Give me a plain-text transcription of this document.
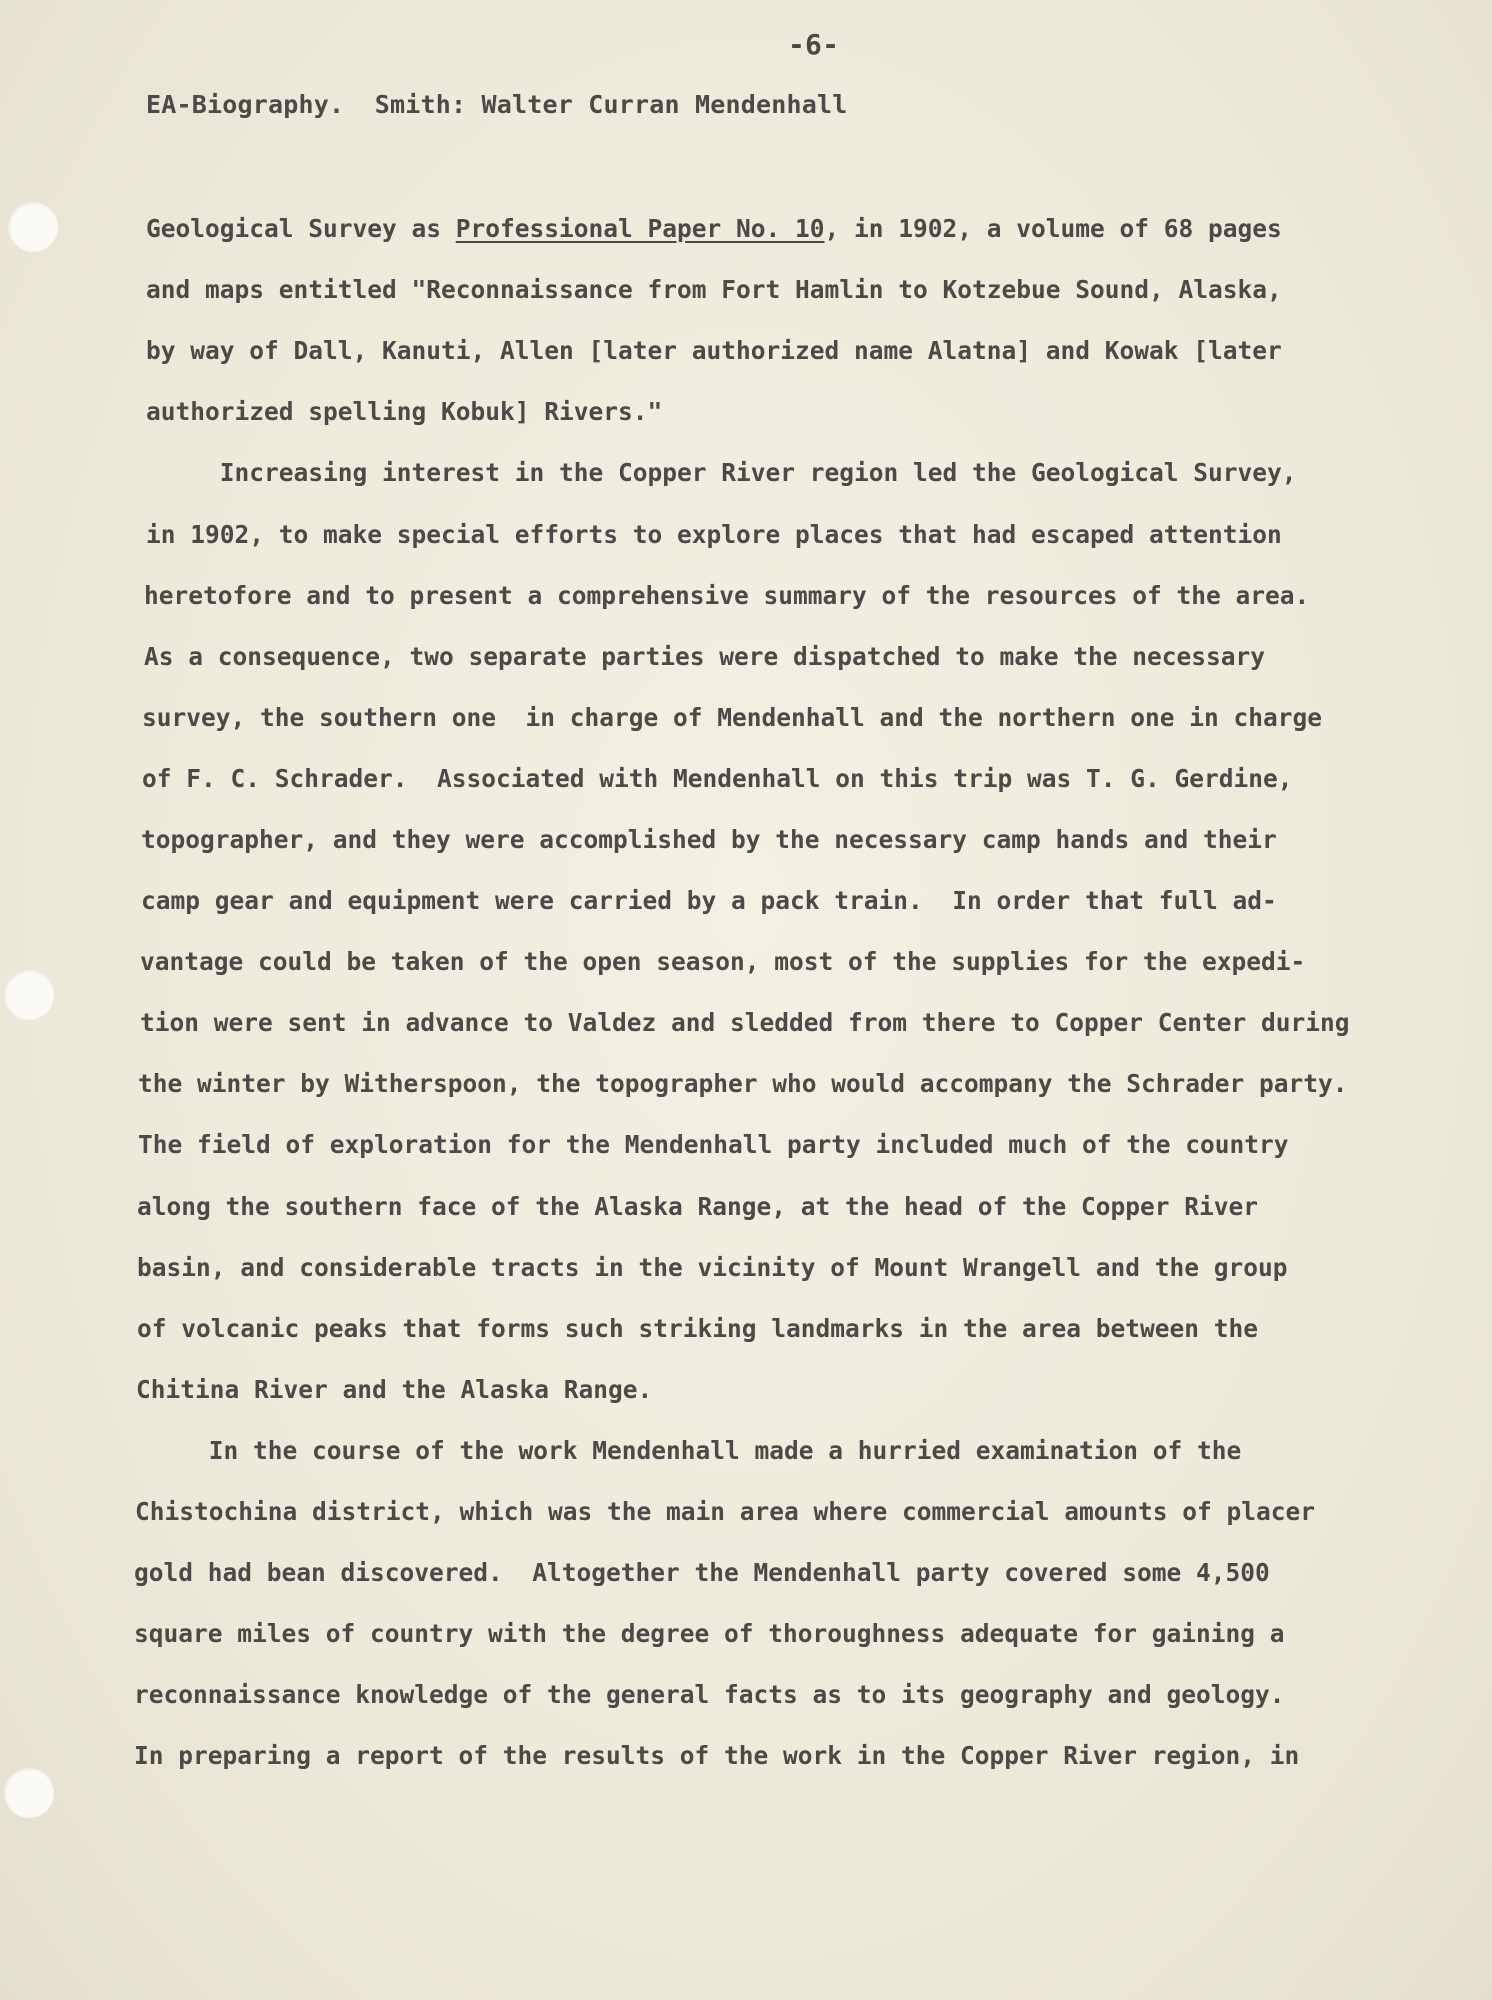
-6-
EA-Biography.  Smith: Walter Curran Mendenhall
Geological Survey as Professional Paper No. 10, in 1902, a volume of 68 pages
and maps entitled "Reconnaissance from Fort Hamlin to Kotzebue Sound, Alaska,
by way of Dall, Kanuti, Allen [later authorized name Alatna] and Kowak [later
authorized spelling Kobuk] Rivers."
Increasing interest in the Copper River region led the Geological Survey,
in 1902, to make special efforts to explore places that had escaped attention
heretofore and to present a comprehensive summary of the resources of the area.
As a consequence, two separate parties were dispatched to make the necessary
survey, the southern one  in charge of Mendenhall and the northern one in charge
of F. C. Schrader.  Associated with Mendenhall on this trip was T. G. Gerdine,
topographer, and they were accomplished by the necessary camp hands and their
camp gear and equipment were carried by a pack train.  In order that full ad-
vantage could be taken of the open season, most of the supplies for the expedi-
tion were sent in advance to Valdez and sledded from there to Copper Center during
the winter by Witherspoon, the topographer who would accompany the Schrader party.
The field of exploration for the Mendenhall party included much of the country
along the southern face of the Alaska Range, at the head of the Copper River
basin, and considerable tracts in the vicinity of Mount Wrangell and the group
of volcanic peaks that forms such striking landmarks in the area between the
Chitina River and the Alaska Range.
In the course of the work Mendenhall made a hurried examination of the
Chistochina district, which was the main area where commercial amounts of placer
gold had bean discovered.  Altogether the Mendenhall party covered some 4,500
square miles of country with the degree of thoroughness adequate for gaining a
reconnaissance knowledge of the general facts as to its geography and geology.
In preparing a report of the results of the work in the Copper River region, in
